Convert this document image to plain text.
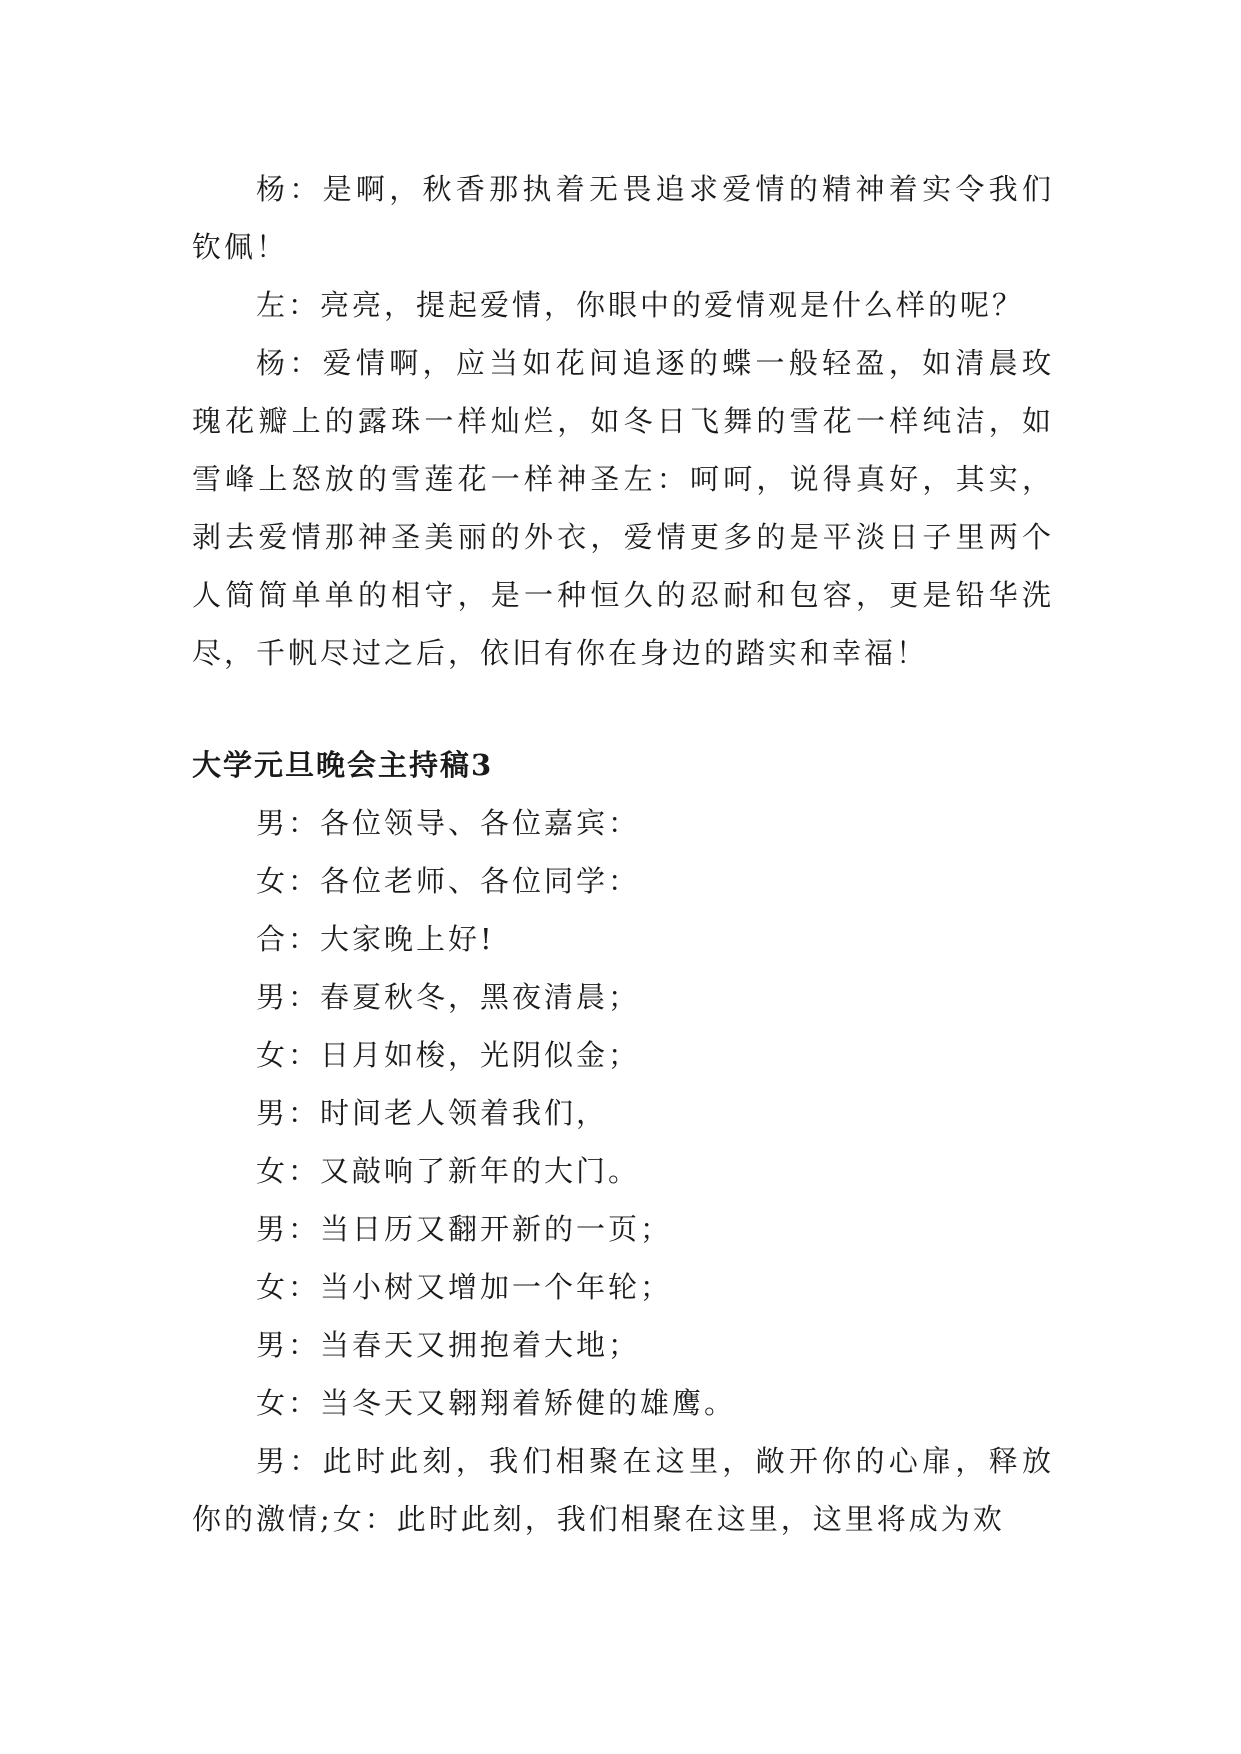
杨：是啊，秋香那执着无畏追求爱情的精神着实令我们钦佩！

左：亮亮，提起爱情，你眼中的爱情观是什么样的呢？

杨：爱情啊，应当如花间追逐的蝶一般轻盈，如清晨玫瑰花瓣上的露珠一样灿烂，如冬日飞舞的雪花一样纯洁，如雪峰上怒放的雪莲花一样神圣左：呵呵，说得真好，其实，剥去爱情那神圣美丽的外衣，爱情更多的是平淡日子里两个人简简单单的相守，是一种恒久的忍耐和包容，更是铅华洗尽，千帆尽过之后，依旧有你在身边的踏实和幸福！

大学元旦晚会主持稿3

男：各位领导、各位嘉宾：

女：各位老师、各位同学：

合：大家晚上好!

男：春夏秋冬，黑夜清晨；

女：日月如梭，光阴似金；

男：时间老人领着我们，

女：又敲响了新年的大门。

男：当日历又翻开新的一页；

女：当小树又增加一个年轮；

男：当春天又拥抱着大地；

女：当冬天又翱翔着矫健的雄鹰。

男：此时此刻，我们相聚在这里，敞开你的心扉，释放你的激情;女：此时此刻，我们相聚在这里，这里将成为欢
